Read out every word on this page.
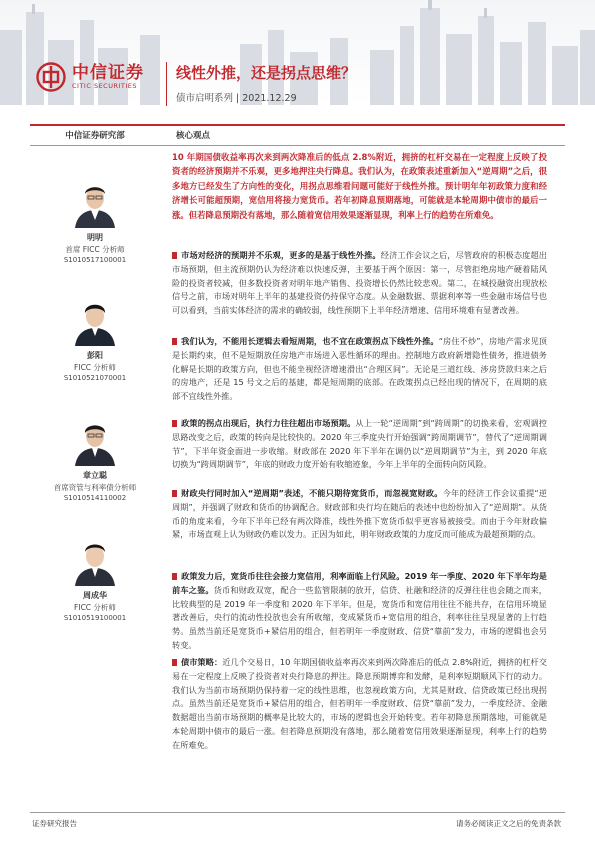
中信证券
CITIC SECURITIES
线性外推，还是拐点思维？
债市启明系列 | 2021.12.29
中信证券研究部	核心观点
明明
首席 FICC 分析师
S1010517100001
彭阳
FICC 分析师
S1010521070001
章立聪
首席资管与利率债分析师
S1010514110002
周成华
FICC 分析师
S1010519100001
10 年期国债收益率再次来到两次降准后的低点 2.8%附近，拥挤的杠杆交易在一定程度上反映了投资者的经济预期并不乐观，更多地押注央行降息。我们认为，在政策表述重新加入“逆周期”之后，很多地方已经发生了方向性的变化，用拐点思维看问题可能好于线性外推。预计明年年初政策力度和经济增长可能超预期，宽信用将接力宽货币。若年初降息预期落地，可能就是本轮周期中债市的最后一涨。但若降息预期没有落地，那么随着宽信用效果逐渐显现，利率上行的趋势在所难免。
市场对经济的预期并不乐观，更多的是基于线性外推。经济工作会议之后，尽管政府的积极态度超出市场预期，但主流预期仍认为经济难以快速反弹，主要基于两个原因：第一，尽管拒绝房地产硬着陆风险的投资者较减，但多数投资者对明年地产销售、投资增长仍然比较悲观。第二，在城投融资出现放松信号之前，市场对明年上半年的基建投资仍持保守态度。从金融数据、票据利率等一些金融市场信号也可以看到，当前实体经济的需求的确较弱，线性预期下上半年经济增速、信用环境难有显著改善。
我们认为，不能用长逻辑去看短周期，也不宜在政策拐点下线性外推。“房住不炒”，房地产需求见顶是长期约束，但不是短期放任房地产市场进入恶性循环的理由。控制地方政府新增隐性债务，推进债务化解是长期的政策方向，但也不能坐视经济增速滑出“合理区间”。无论是三道红线、涉房贷款归来之后的房地产，还是 15 号文之后的基建，都是短周期的底部。在政策拐点已经出现的情况下，在周期的底部不宜线性外推。
政策的拐点出现后，执行力往往超出市场预期。从上一轮“逆周期”到“跨周期”的切换来看，宏观调控思路改变之后，政策的转向是比较快的。2020 年三季度央行开始强调“跨周期调节”，替代了“逆周期调节”，下半年资金面进一步收缩。财政部在 2020 年下半年在调仍以“逆周期调节”为主，到 2020 年底切换为“跨周期调节”，年底的财政力度开始有收缩迹象，今年上半年的全面转向防风险。
财政央行同时加入“逆周期”表述，不能只期待宽货币，而忽视宽财政。今年的经济工作会议重提“逆周期”，并强调了财政和货币的协调配合。财政部和央行均在随后的表述中也纷纷加入了“逆周期”。从货币的角度来看，今年下半年已经有两次降准，线性外推下宽货币似乎更容易被接受。而由于今年财政偏紧，市场直观上认为财政仍难以发力。正因为如此，明年财政政策的力度反而可能成为最超预期的点。
政策发力后，宽货币往往会接力宽信用，利率面临上行风险。2019 年一季度、2020 年下半年均是前车之鉴。货币和财政双宽，配合一些监管限制的放开，信贷、社融和经济的反弹往往也会随之而来，比较典型的是 2019 年一季度和 2020 年下半年。但是，宽货币和宽信用往往不能共存，在信用环境显著改善后，央行的流动性投放也会有所收缩，变成紧货币+宽信用的组合，利率往往呈现显著的上行趋势。虽然当前还是宽货币+紧信用的组合，但若明年一季度财政、信贷“靠前”发力，市场的逻辑也会另转变。
债市策略：近几个交易日，10 年期国债收益率再次来到两次降准后的低点 2.8%附近，拥挤的杠杆交易在一定程度上反映了投资者对央行降息的押注。降息预期博弈和发酵，是利率短期顺风下行的动力。我们认为当前市场预期仍保持着一定的线性思维，也忽视政策方向，尤其是财政、信贷政策已经出现拐点。虽然当前还是宽货币+紧信用的组合，但若明年一季度财政、信贷“靠前”发力，一季度经济、金融数据超出当前市场预期的概率是比较大的，市场的逻辑也会开始转变。若年初降息预期落地，可能就是本轮周期中债市的最后一涨。但若降息预期没有落地，那么随着宽信用效果逐渐显现，利率上行的趋势在所难免。
证券研究报告	请务必阅读正文之后的免责条款
